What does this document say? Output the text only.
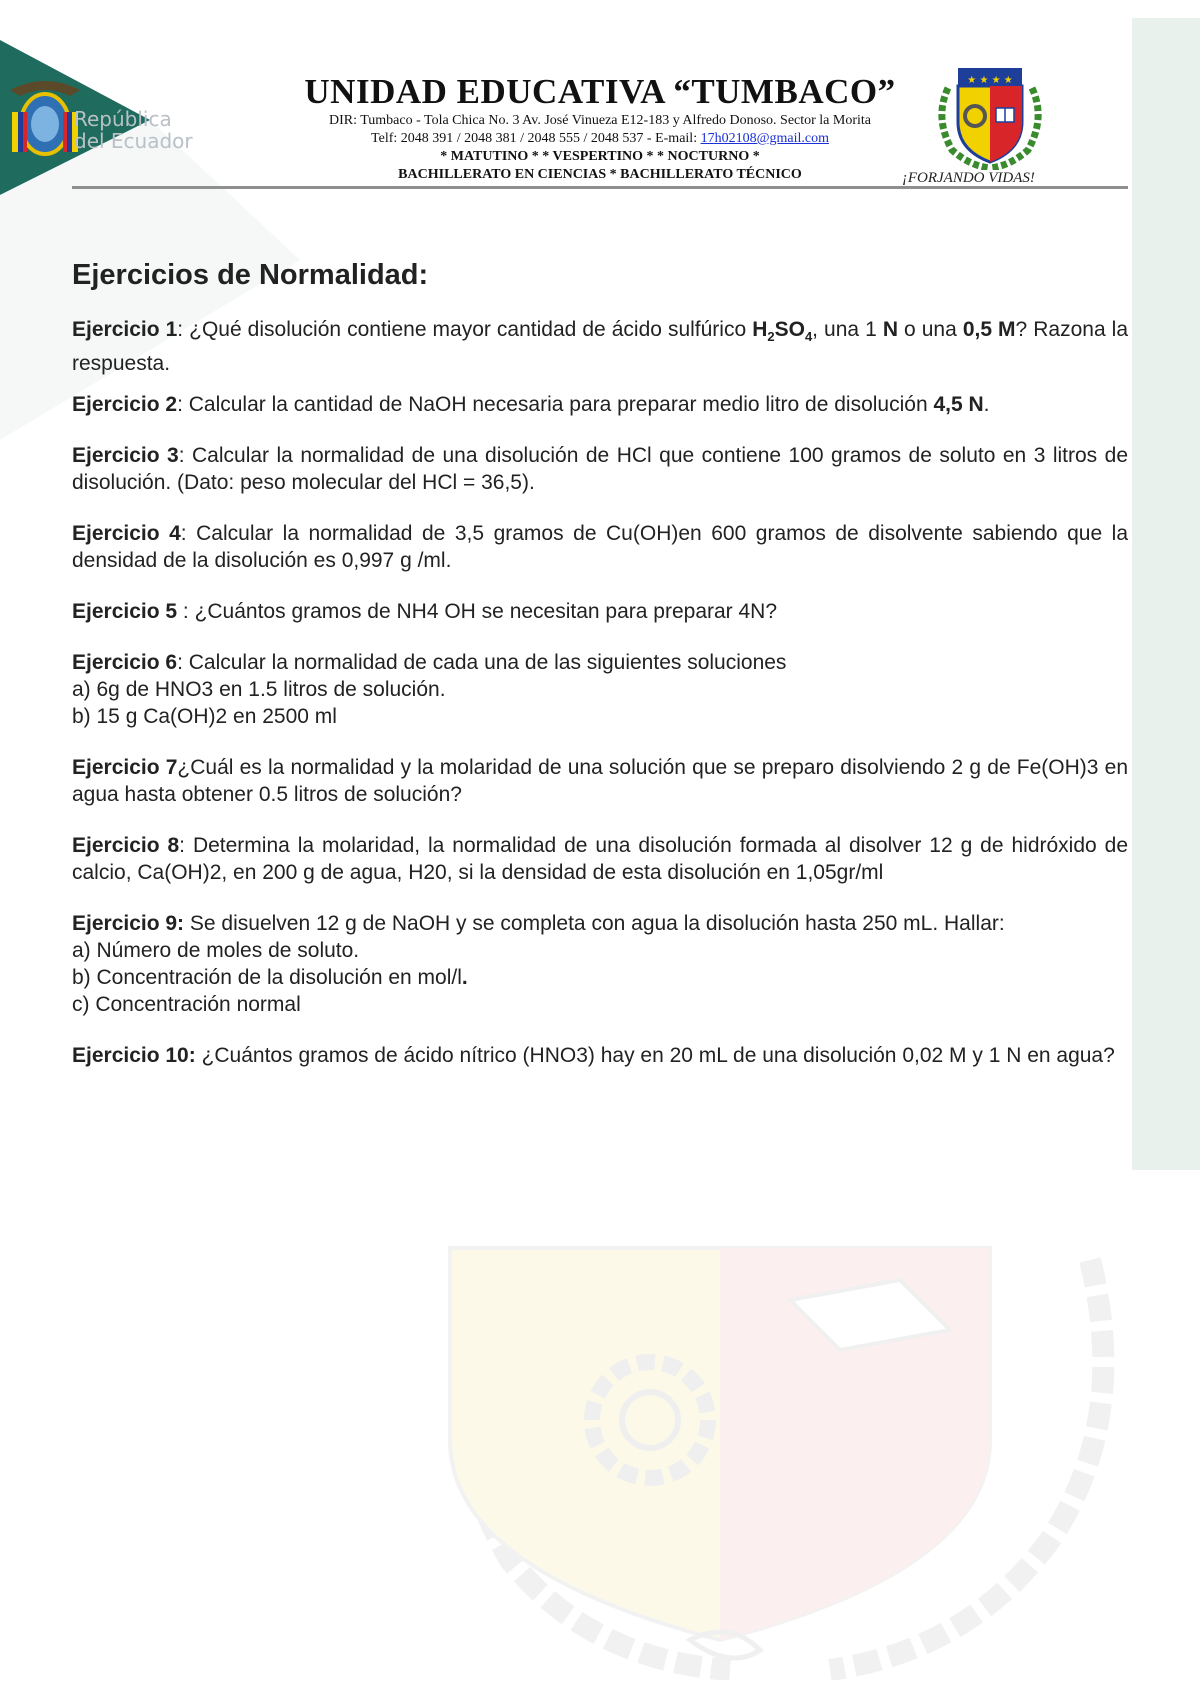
República
del Ecuador
UNIDAD EDUCATIVA “TUMBACO”
DIR: Tumbaco - Tola Chica No. 3 Av. José Vinueza E12-183 y Alfredo Donoso. Sector la Morita
Telf: 2048 391 / 2048 381 / 2048 555 / 2048 537 - E-mail: 17h02108@gmail.com
* MATUTINO * * VESPERTINO * * NOCTURNO *
BACHILLERATO EN CIENCIAS * BACHILLERATO TÉCNICO
★ ★ ★ ★
¡FORJANDO VIDAS!
Ejercicios de Normalidad:
Ejercicio 1: ¿Qué disolución contiene mayor cantidad de ácido sulfúrico $H_2SO_4$, una 1 N o una 0,5 M? Razona la respuesta.
Ejercicio 2: Calcular la cantidad de NaOH necesaria para preparar medio litro de disolución 4,5 N.
Ejercicio 3: Calcular la normalidad de una disolución de HCl que contiene 100 gramos de soluto en 3 litros de disolución. (Dato: peso molecular del HCl = 36,5).
Ejercicio 4: Calcular la normalidad de 3,5 gramos de Cu(OH)en 600 gramos de disolvente sabiendo que la densidad de la disolución es 0,997 g /ml.
Ejercicio 5 : ¿Cuántos gramos de NH4 OH se necesitan para preparar 4N?
Ejercicio 6: Calcular la normalidad de cada una de las siguientes soluciones
a) 6g de HNO3 en 1.5 litros de solución.
b) 15 g Ca(OH)2 en 2500 ml
Ejercicio 7¿Cuál es la normalidad y la molaridad de una solución que se preparo disolviendo 2 g de Fe(OH)3 en agua hasta obtener 0.5 litros de solución?
Ejercicio 8: Determina la molaridad, la normalidad de una disolución formada al disolver 12 g de hidróxido de calcio, Ca(OH)2, en 200 g de agua, H20, si la densidad de esta disolución en 1,05gr/ml
Ejercicio 9: Se disuelven 12 g de NaOH y se completa con agua la disolución hasta 250 mL. Hallar:
a) Número de moles de soluto.
b) Concentración de la disolución en mol/l.
c) Concentración normal
Ejercicio 10: ¿Cuántos gramos de ácido nítrico (HNO3) hay en 20 mL de una disolución 0,02 M y 1 N en agua?
